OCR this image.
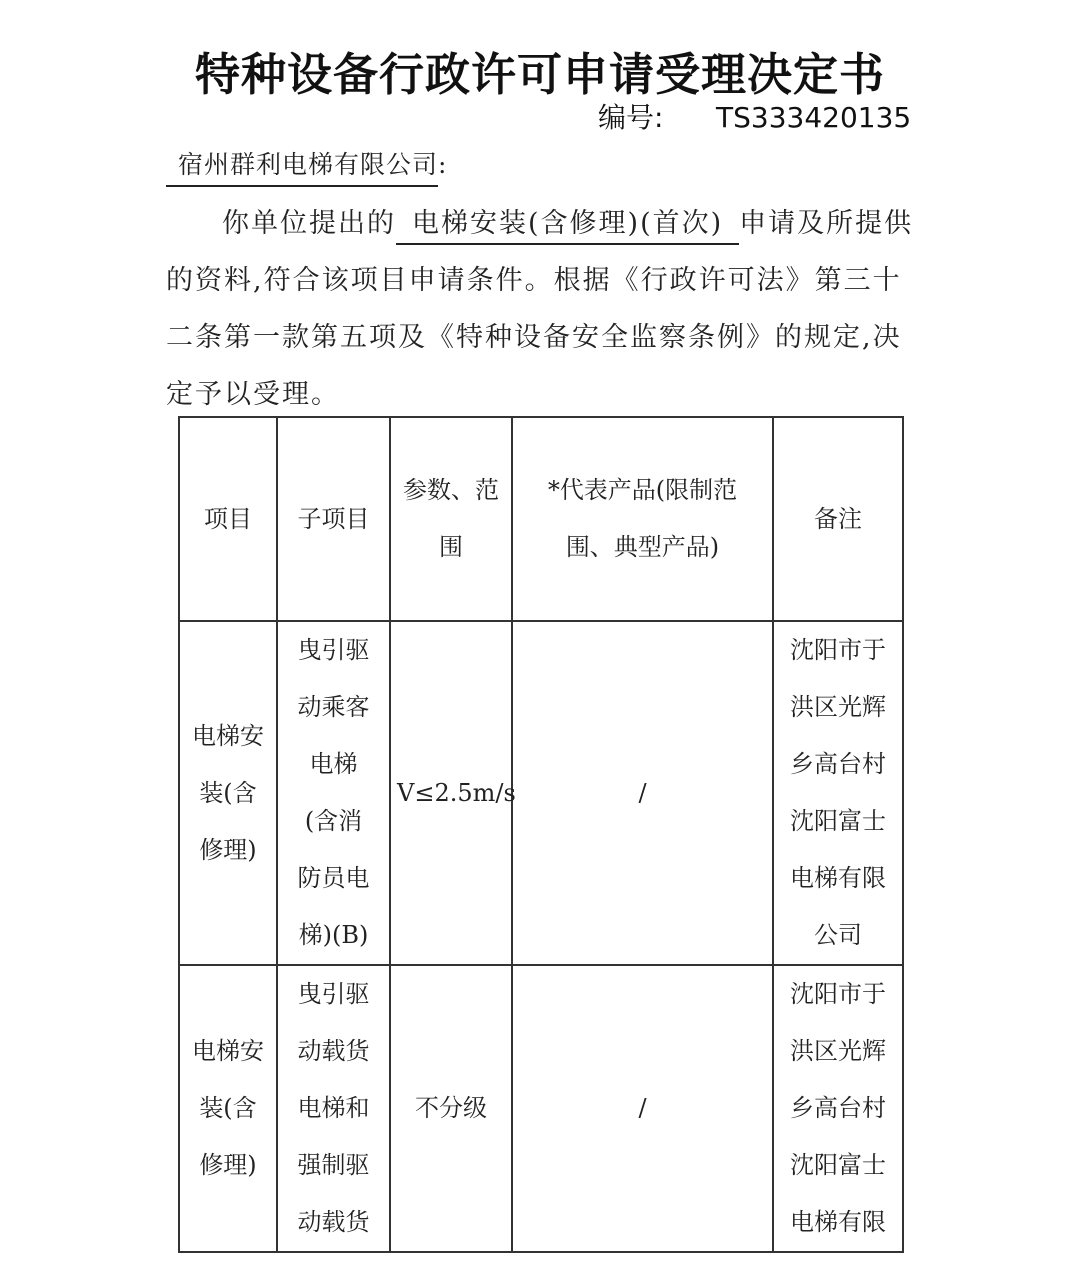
特种设备行政许可申请受理决定书
编号: TS333420135
宿州群利电梯有限公司:
你单位提出的 电梯安装(含修理)(首次) 申请及所提供的资料,符合该项目申请条件。根据《行政许可法》第三十二条第一款第五项及《特种设备安全监察条例》的规定,决定予以受理。
项目	子项目	参数、范围	*代表产品(限制范围、典型产品)	备注
电梯安装(含修理)	曳引驱动乘客电梯(含消防员电梯)(B)	V≤2.5m/s	/	沈阳市于洪区光辉乡高台村沈阳富士电梯有限公司
电梯安装(含修理)	曳引驱动载货电梯和强制驱动载货	不分级	/	沈阳市于洪区光辉乡高台村沈阳富士电梯有限
